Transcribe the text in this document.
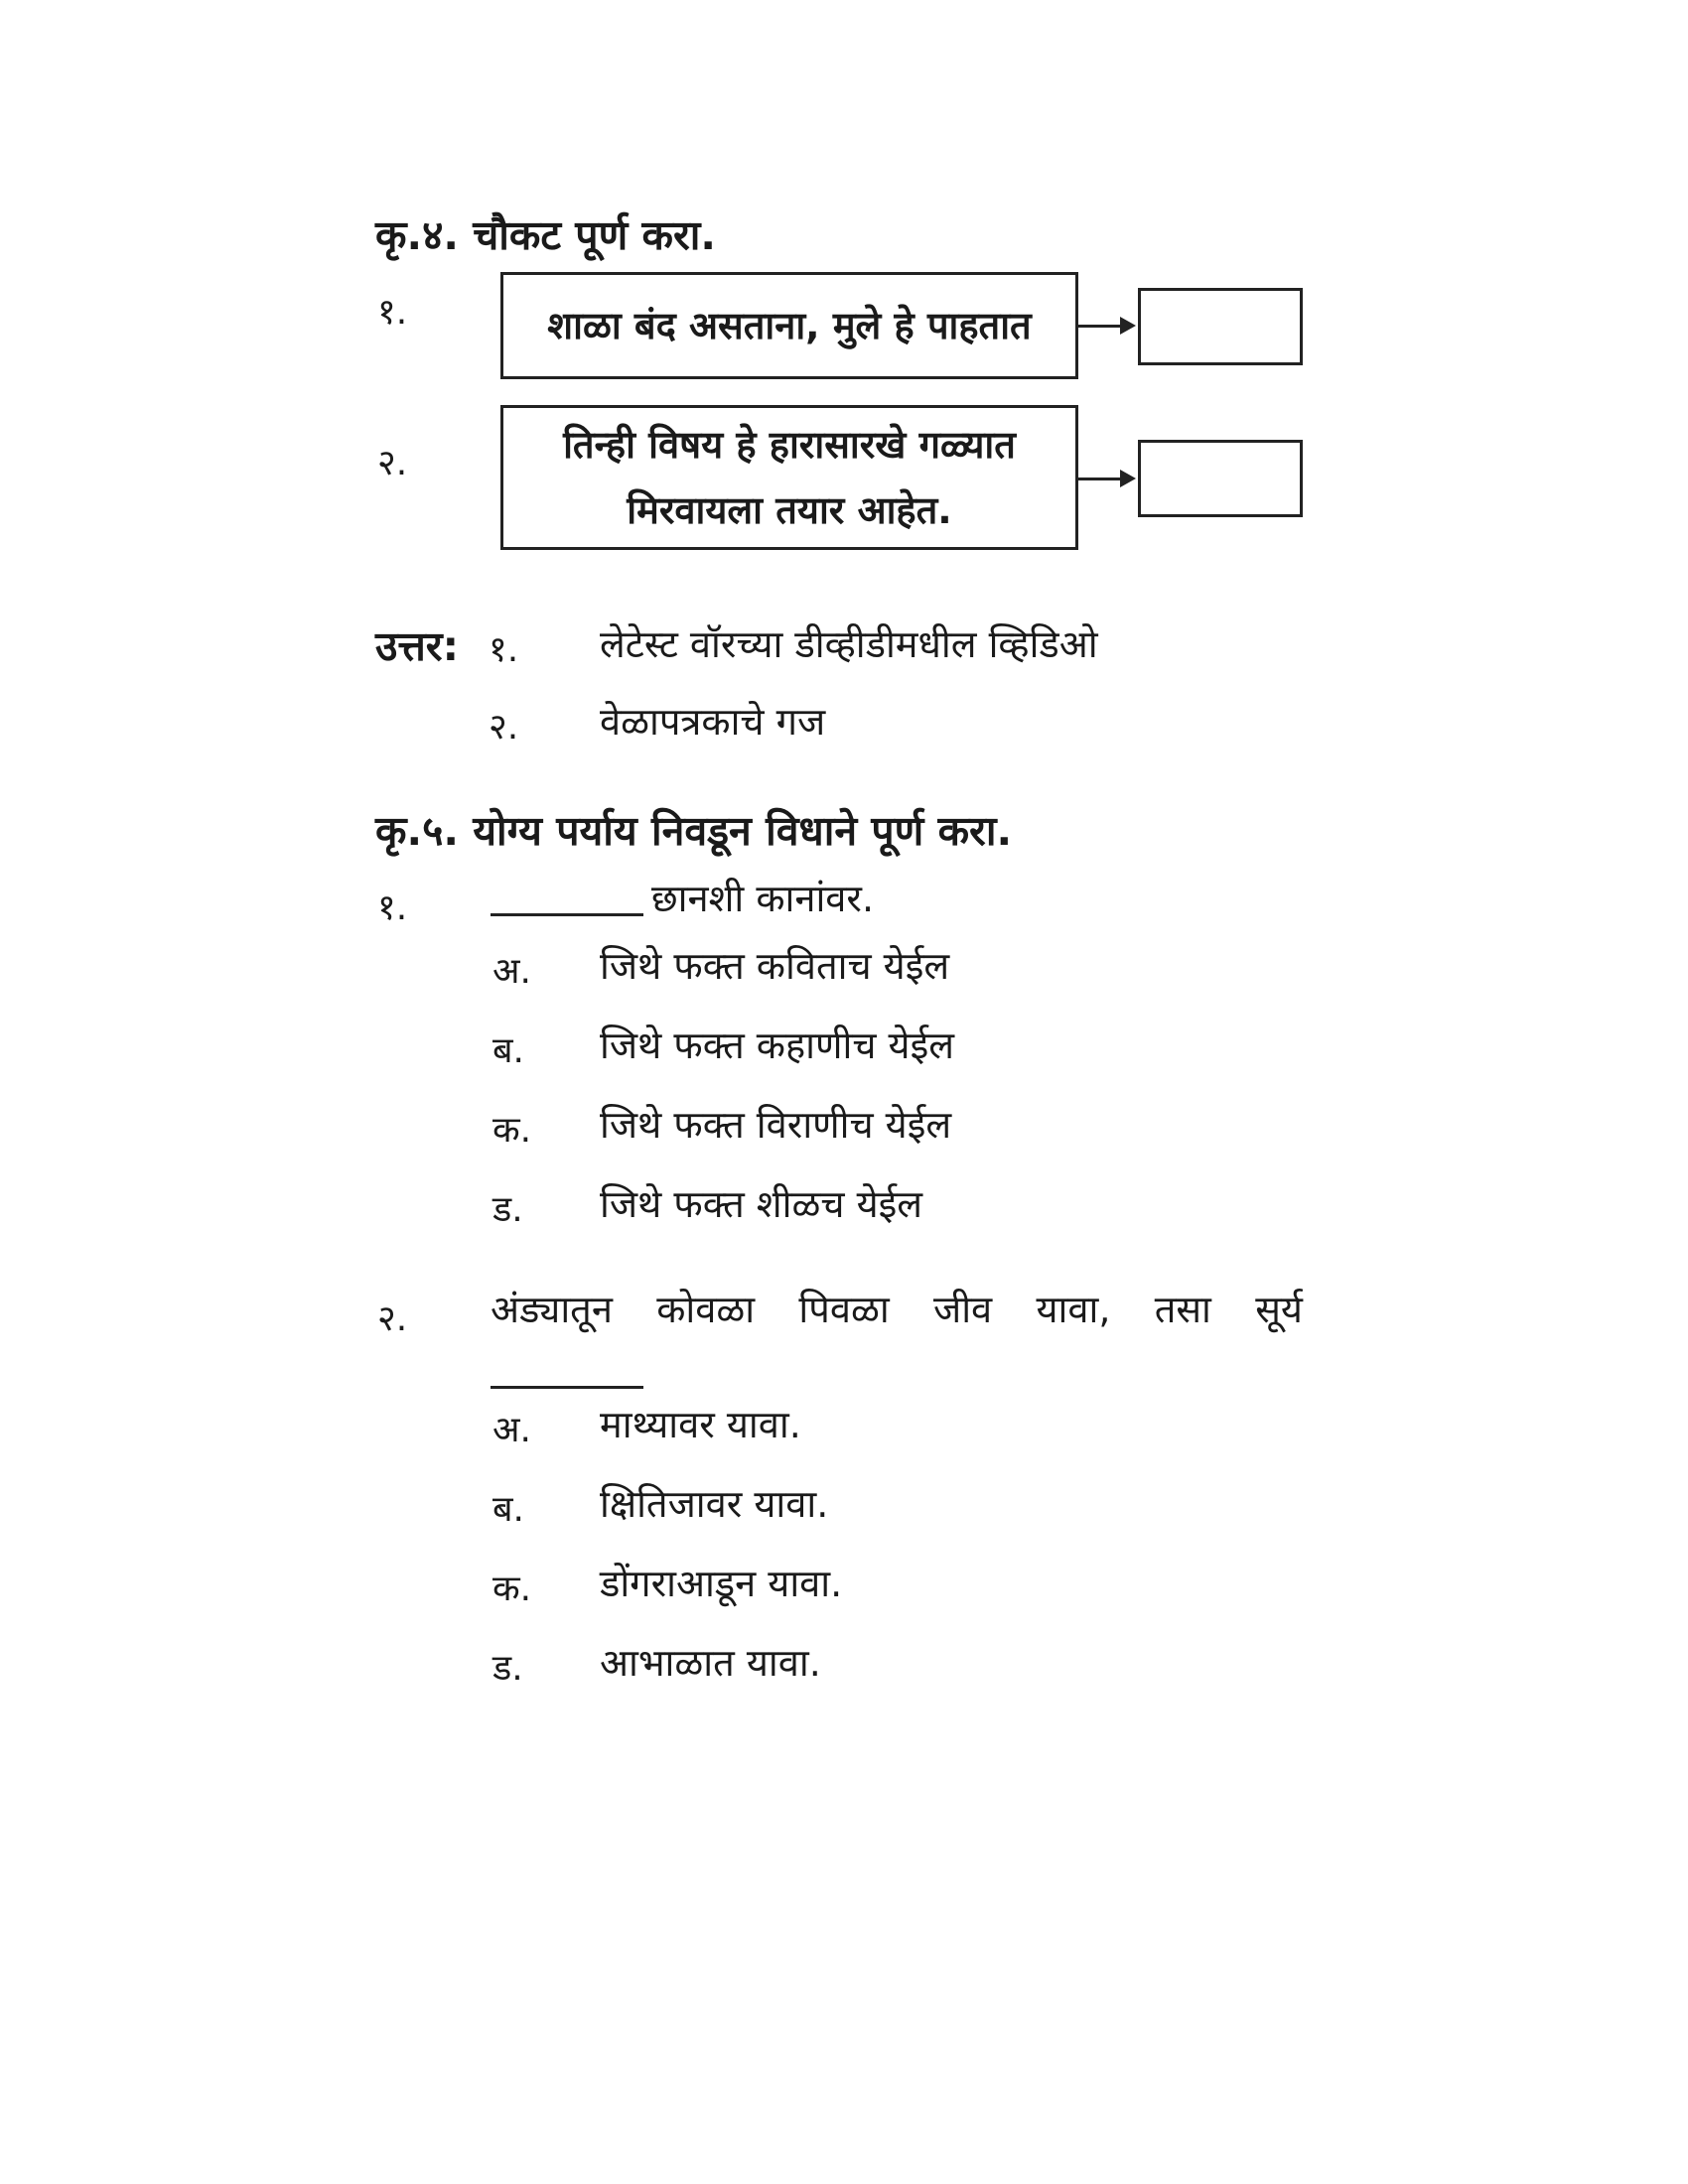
कृ.४. चौकट पूर्ण करा.
१.	शाळा बंद असताना, मुले हे पाहतात
२.	तिन्ही विषय हे हारासारखे गळ्यात
मिरवायला तयार आहेत.
उत्तर: १. लेटेस्ट वॉरच्या डीव्हीडीमधील व्हिडिओ
२. वेळापत्रकाचे गज
कृ.५. योग्य पर्याय निवडून विधाने पूर्ण करा.
१.	छानशी कानांवर.
अ. जिथे फक्त कविताच येईल
ब. जिथे फक्त कहाणीच येईल
क. जिथे फक्त विराणीच येईल
ड. जिथे फक्त शीळच येईल
२. अंड्यातून कोवळा पिवळा जीव यावा, तसा सूर्य
अ. माथ्यावर यावा.
ब. क्षितिजावर यावा.
क. डोंगराआडून यावा.
ड. आभाळात यावा.
